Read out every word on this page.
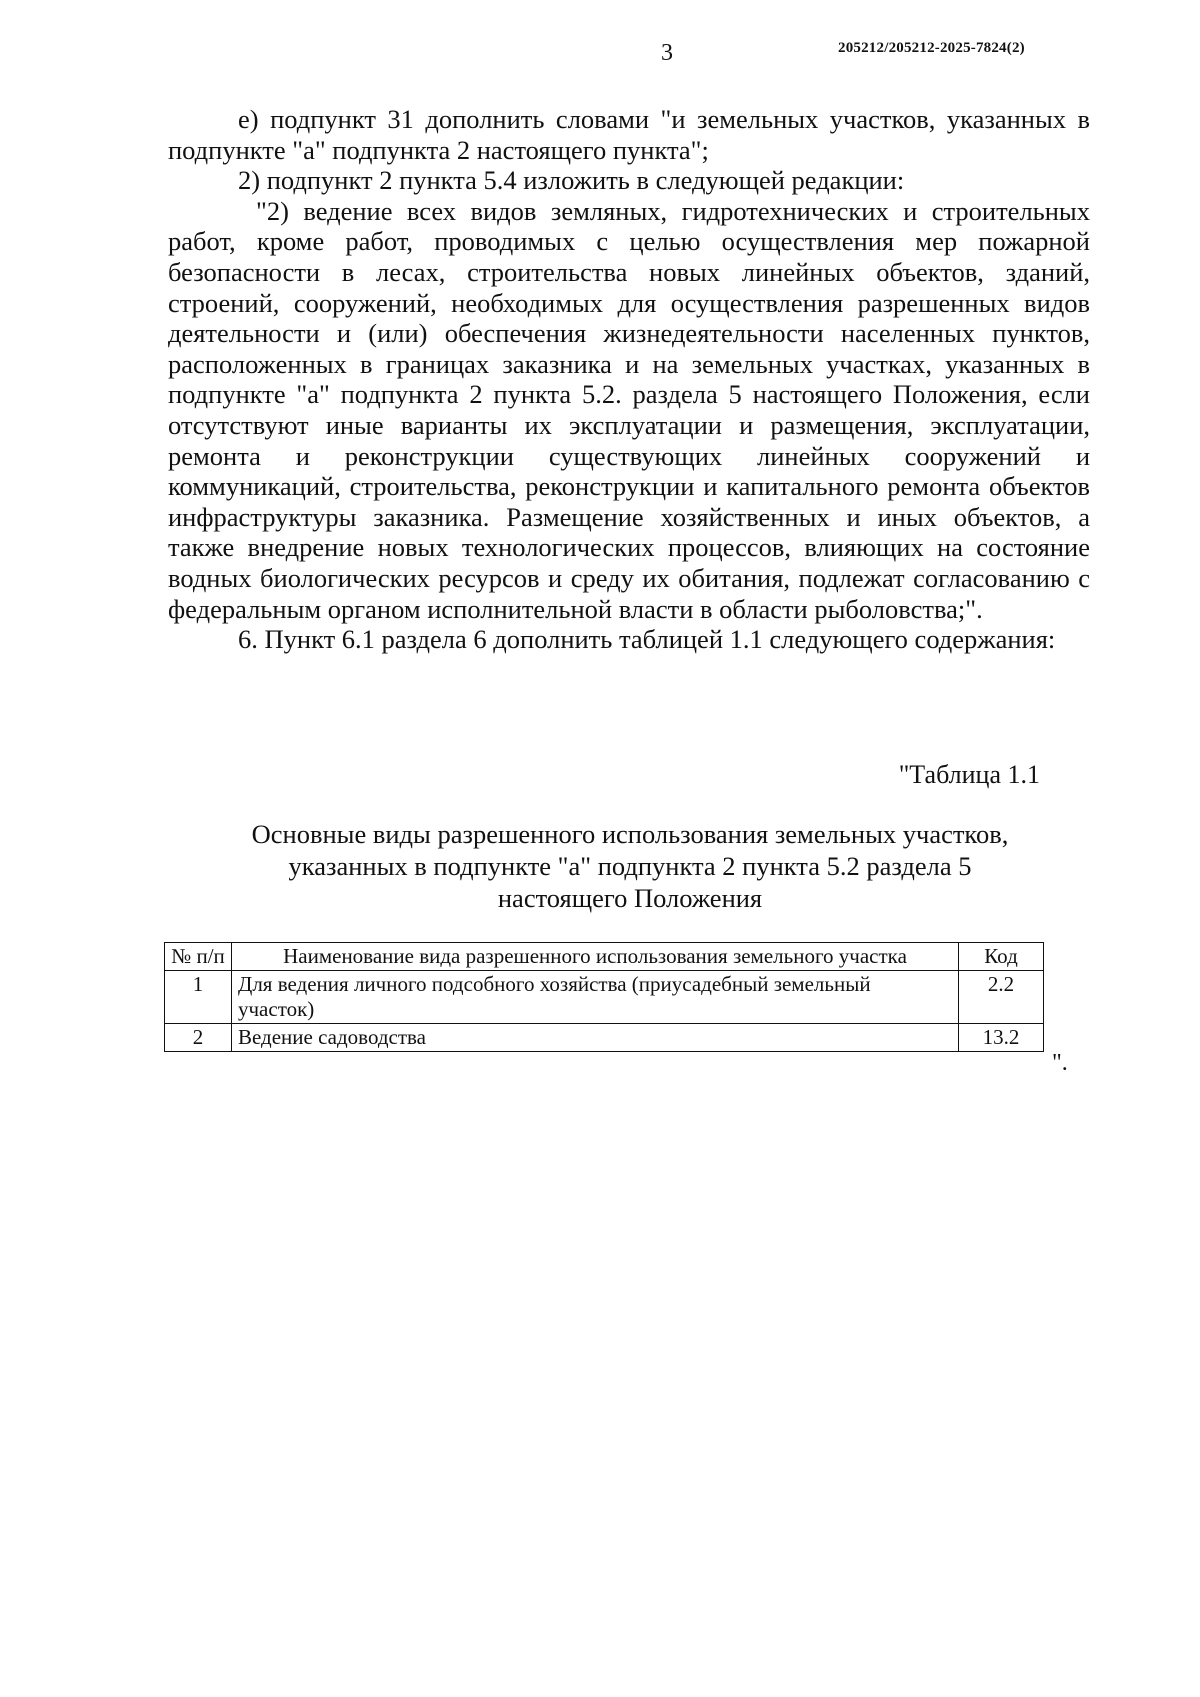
3	205212/205212-2025-7824(2)

е) подпункт 31 дополнить словами "и земельных участков, указанных в подпункте "а" подпункта 2 настоящего пункта";

2) подпункт 2 пункта 5.4 изложить в следующей редакции:

"2) ведение всех видов земляных, гидротехнических и строительных работ, кроме работ, проводимых с целью осуществления мер пожарной безопасности в лесах, строительства новых линейных объектов, зданий, строений, сооружений, необходимых для осуществления разрешенных видов деятельности и (или) обеспечения жизнедеятельности населенных пунктов, расположенных в границах заказника и на земельных участках, указанных в подпункте "а" подпункта 2 пункта 5.2. раздела 5 настоящего Положения, если отсутствуют иные варианты их эксплуатации и размещения, эксплуатации, ремонта и реконструкции существующих линейных сооружений и коммуникаций, строительства, реконструкции и капитального ремонта объектов инфраструктуры заказника. Размещение хозяйственных и иных объектов, а также внедрение новых технологических процессов, влияющих на состояние водных биологических ресурсов и среду их обитания, подлежат согласованию с федеральным органом исполнительной власти в области рыболовства;".

6. Пункт 6.1 раздела 6 дополнить таблицей 1.1 следующего содержания:

"Таблица 1.1
Основные виды разрешенного использования земельных участков,
указанных в подпункте "а" подпункта 2 пункта 5.2 раздела 5
настоящего Положения
№ п/п	Наименование вида разрешенного использования земельного участка	Код
1	Для ведения личного подсобного хозяйства (приусадебный земельный участок)	2.2
2	Ведение садоводства	13.2
".
